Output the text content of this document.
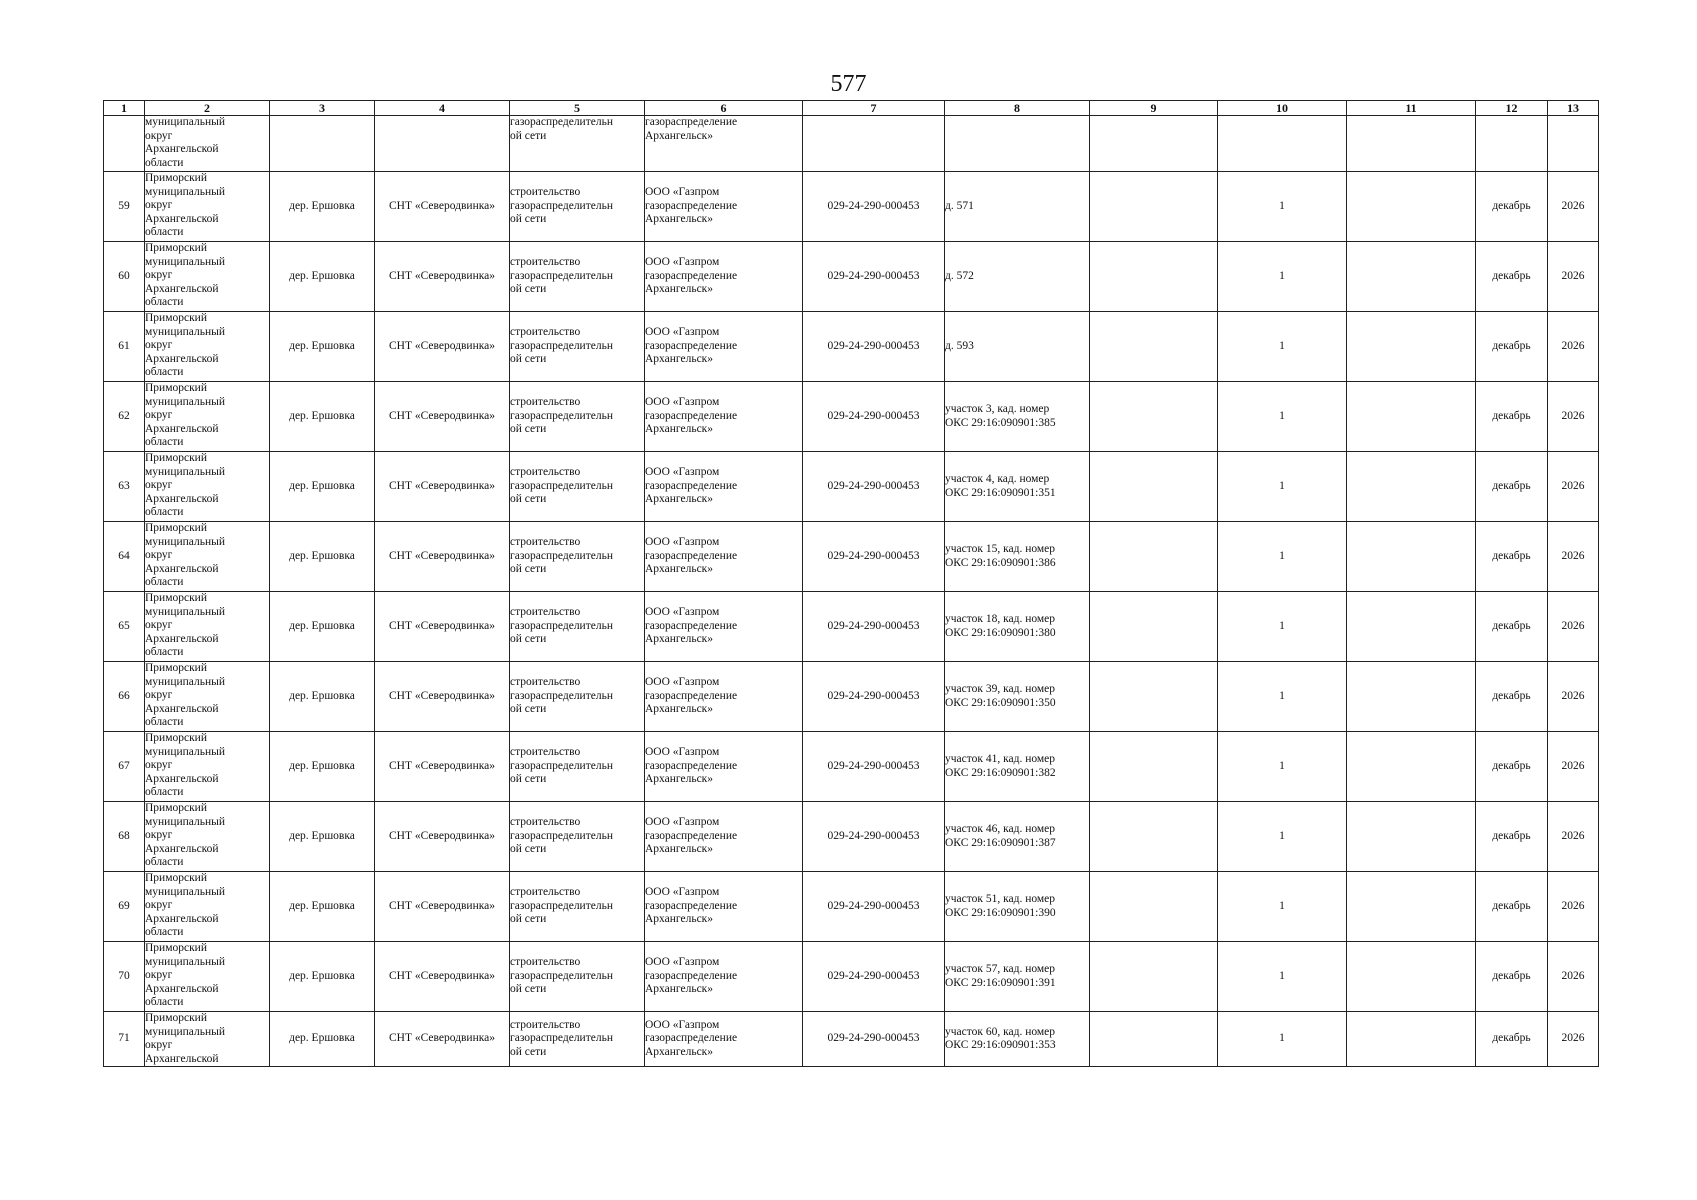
577
1	2	3	4	5	6	7	8	9	10	11	12	13
	муниципальный
округ
Архангельской
области			газораспределительн
ой сети	газораспределение
Архангельск»							
59	Приморский
муниципальный
округ
Архангельской
области	дер. Ершовка	СНТ «Северодвинка»	строительство
газораспределительн
ой сети	ООО «Газпром
газораспределение
Архангельск»	029-24-290-000453	д. 571		1		декабрь	2026
60	Приморский
муниципальный
округ
Архангельской
области	дер. Ершовка	СНТ «Северодвинка»	строительство
газораспределительн
ой сети	ООО «Газпром
газораспределение
Архангельск»	029-24-290-000453	д. 572		1		декабрь	2026
61	Приморский
муниципальный
округ
Архангельской
области	дер. Ершовка	СНТ «Северодвинка»	строительство
газораспределительн
ой сети	ООО «Газпром
газораспределение
Архангельск»	029-24-290-000453	д. 593		1		декабрь	2026
62	Приморский
муниципальный
округ
Архангельской
области	дер. Ершовка	СНТ «Северодвинка»	строительство
газораспределительн
ой сети	ООО «Газпром
газораспределение
Архангельск»	029-24-290-000453	участок 3, кад. номер
ОКС 29:16:090901:385		1		декабрь	2026
63	Приморский
муниципальный
округ
Архангельской
области	дер. Ершовка	СНТ «Северодвинка»	строительство
газораспределительн
ой сети	ООО «Газпром
газораспределение
Архангельск»	029-24-290-000453	участок 4, кад. номер
ОКС 29:16:090901:351		1		декабрь	2026
64	Приморский
муниципальный
округ
Архангельской
области	дер. Ершовка	СНТ «Северодвинка»	строительство
газораспределительн
ой сети	ООО «Газпром
газораспределение
Архангельск»	029-24-290-000453	участок 15, кад. номер
ОКС 29:16:090901:386		1		декабрь	2026
65	Приморский
муниципальный
округ
Архангельской
области	дер. Ершовка	СНТ «Северодвинка»	строительство
газораспределительн
ой сети	ООО «Газпром
газораспределение
Архангельск»	029-24-290-000453	участок 18, кад. номер
ОКС 29:16:090901:380		1		декабрь	2026
66	Приморский
муниципальный
округ
Архангельской
области	дер. Ершовка	СНТ «Северодвинка»	строительство
газораспределительн
ой сети	ООО «Газпром
газораспределение
Архангельск»	029-24-290-000453	участок 39, кад. номер
ОКС 29:16:090901:350		1		декабрь	2026
67	Приморский
муниципальный
округ
Архангельской
области	дер. Ершовка	СНТ «Северодвинка»	строительство
газораспределительн
ой сети	ООО «Газпром
газораспределение
Архангельск»	029-24-290-000453	участок 41, кад. номер
ОКС 29:16:090901:382		1		декабрь	2026
68	Приморский
муниципальный
округ
Архангельской
области	дер. Ершовка	СНТ «Северодвинка»	строительство
газораспределительн
ой сети	ООО «Газпром
газораспределение
Архангельск»	029-24-290-000453	участок 46, кад. номер
ОКС 29:16:090901:387		1		декабрь	2026
69	Приморский
муниципальный
округ
Архангельской
области	дер. Ершовка	СНТ «Северодвинка»	строительство
газораспределительн
ой сети	ООО «Газпром
газораспределение
Архангельск»	029-24-290-000453	участок 51, кад. номер
ОКС 29:16:090901:390		1		декабрь	2026
70	Приморский
муниципальный
округ
Архангельской
области	дер. Ершовка	СНТ «Северодвинка»	строительство
газораспределительн
ой сети	ООО «Газпром
газораспределение
Архангельск»	029-24-290-000453	участок 57, кад. номер
ОКС 29:16:090901:391		1		декабрь	2026
71	Приморский
муниципальный
округ
Архангельской	дер. Ершовка	СНТ «Северодвинка»	строительство
газораспределительн
ой сети	ООО «Газпром
газораспределение
Архангельск»	029-24-290-000453	участок 60, кад. номер
ОКС 29:16:090901:353		1		декабрь	2026
